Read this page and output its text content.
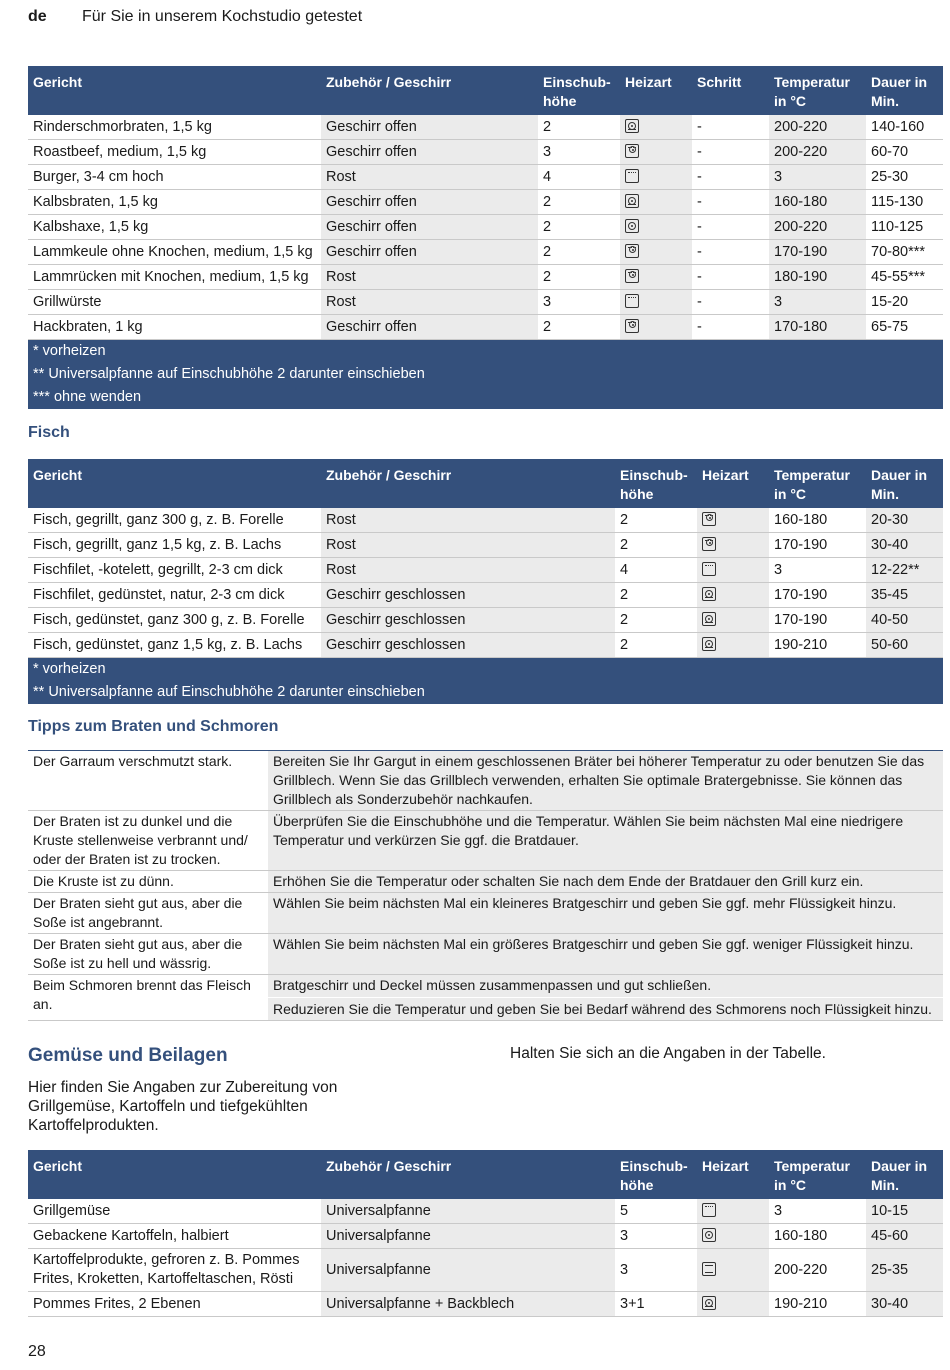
de Für Sie in unserem Kochstudio getestet
Gericht	Zubehör / Geschirr	Einschubhöhe	Heizart	Schritt	Temperatur in °C	Dauer in Min.
Rinderschmorbraten, 1,5 kg	Geschirr offen	2		-	200-220	140-160
Roastbeef, medium, 1,5 kg	Geschirr offen	3		-	200-220	60-70
Burger, 3-4 cm hoch	Rost	4		-	3	25-30
Kalbsbraten, 1,5 kg	Geschirr offen	2		-	160-180	115-130
Kalbshaxe, 1,5 kg	Geschirr offen	2		-	200-220	110-125
Lammkeule ohne Knochen, medium, 1,5 kg	Geschirr offen	2		-	170-190	70-80***
Lammrücken mit Knochen, medium, 1,5 kg	Rost	2		-	180-190	45-55***
Grillwürste	Rost	3		-	3	15-20
Hackbraten, 1 kg	Geschirr offen	2		-	170-180	65-75
* vorheizen						
** Universalpfanne auf Einschubhöhe 2 darunter einschieben						
*** ohne wenden						
Fisch
Gericht	Zubehör / Geschirr	Einschubhöhe	Heizart	Temperatur in °C	Dauer in Min.
Fisch, gegrillt, ganz 300 g, z. B. Forelle	Rost	2		160-180	20-30
Fisch, gegrillt, ganz 1,5 kg, z. B. Lachs	Rost	2		170-190	30-40
Fischfilet, -kotelett, gegrillt, 2-3 cm dick	Rost	4		3	12-22**
Fischfilet, gedünstet, natur, 2-3 cm dick	Geschirr geschlossen	2		170-190	35-45
Fisch, gedünstet, ganz 300 g, z. B. Forelle	Geschirr geschlossen	2		170-190	40-50
Fisch, gedünstet, ganz 1,5 kg, z. B. Lachs	Geschirr geschlossen	2		190-210	50-60
* vorheizen					
** Universalpfanne auf Einschubhöhe 2 darunter einschieben					
Tipps zum Braten und Schmoren
Der Garraum verschmutzt stark.	Bereiten Sie Ihr Gargut in einem geschlossenen Bräter bei höherer Temperatur zu oder benutzen Sie das Grillblech. Wenn Sie das Grillblech verwenden, erhalten Sie optimale Bratergebnisse. Sie können das Grillblech als Sonderzubehör nachkaufen.

Der Braten ist zu dunkel und die Kruste stellenweise verbrannt und/ oder der Braten ist zu trocken.	Überprüfen Sie die Einschubhöhe und die Temperatur. Wählen Sie beim nächsten Mal eine niedrigere Temperatur und verkürzen Sie ggf. die Bratdauer.

Die Kruste ist zu dünn.	Erhöhen Sie die Temperatur oder schalten Sie nach dem Ende der Bratdauer den Grill kurz ein.

Der Braten sieht gut aus, aber die Soße ist angebrannt.	Wählen Sie beim nächsten Mal ein kleineres Bratgeschirr und geben Sie ggf. mehr Flüssigkeit hinzu.

Der Braten sieht gut aus, aber die Soße ist zu hell und wässrig.	Wählen Sie beim nächsten Mal ein größeres Bratgeschirr und geben Sie ggf. weniger Flüssigkeit hinzu.

Beim Schmoren brennt das Fleisch an.	Bratgeschirr und Deckel müssen zusammenpassen und gut schließen.
Reduzieren Sie die Temperatur und geben Sie bei Bedarf während des Schmorens noch Flüssigkeit hinzu.
Gemüse und Beilagen
Hier finden Sie Angaben zur Zubereitung von Grillgemüse, Kartoffeln und tiefgekühlten Kartoffelprodukten.
Halten Sie sich an die Angaben in der Tabelle.
Gericht	Zubehör / Geschirr	Einschubhöhe	Heizart	Temperatur in °C	Dauer in Min.
Grillgemüse	Universalpfanne	5		3	10-15
Gebackene Kartoffeln, halbiert	Universalpfanne	3		160-180	45-60
Kartoffelprodukte, gefroren z. B. Pommes Frites, Kroketten, Kartoffeltaschen, Rösti	Universalpfanne	3		200-220	25-35
Pommes Frites, 2 Ebenen	Universalpfanne + Backblech	3+1		190-210	30-40
28
